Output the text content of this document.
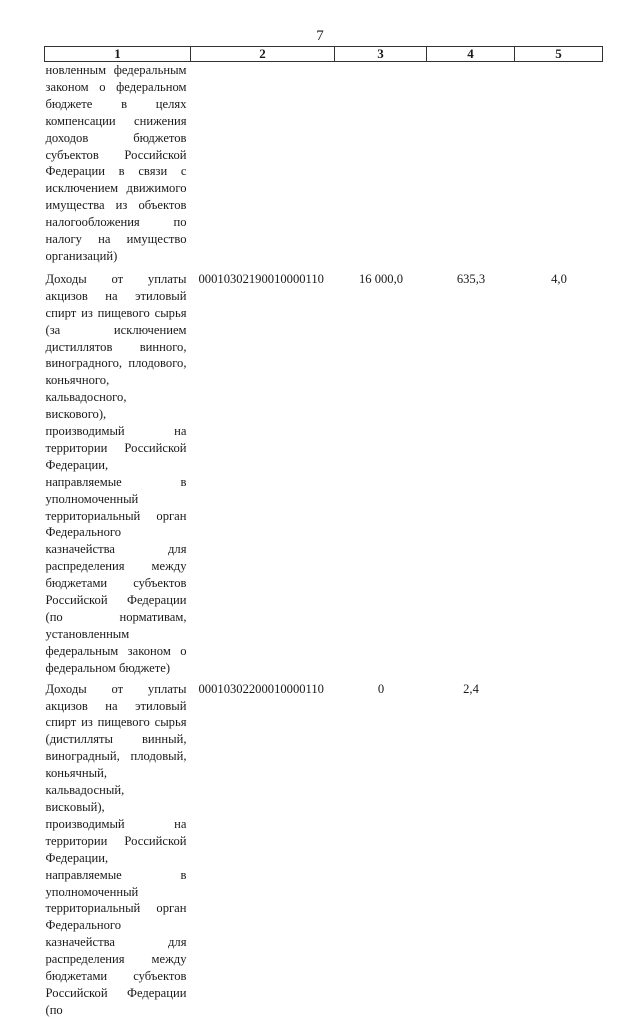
7
1	2	3	4	5
новленным федеральным законом о федеральном бюджете в целях компенсации снижения доходов бюджетов субъектов Российской Федерации в связи с исключением движимого имущества из объектов налогообложения по налогу на имущество организаций)				
Доходы от уплаты акцизов на этиловый спирт из пищевого сырья (за исключением дистиллятов винного, виноградного, плодового, коньячного, кальвадосного, вискового), производимый на территории Российской Федерации, направляемые в уполномоченный территориальный орган Федерального казначейства для распределения между бюджетами субъектов Российской Федерации (по нормативам, установленным федеральным законом о федеральном бюджете)	00010302190010000110	16 000,0	635,3	4,0
Доходы от уплаты акцизов на этиловый спирт из пищевого сырья (дистилляты винный, виноградный, плодовый, коньячный, кальвадосный, вискoвый), производимый на территории Российской Федерации, направляемые в уполномоченный территориальный орган Федерального казначейства для распределения между бюджетами субъектов Российской Федерации (по	00010302200010000110	0	2,4	
